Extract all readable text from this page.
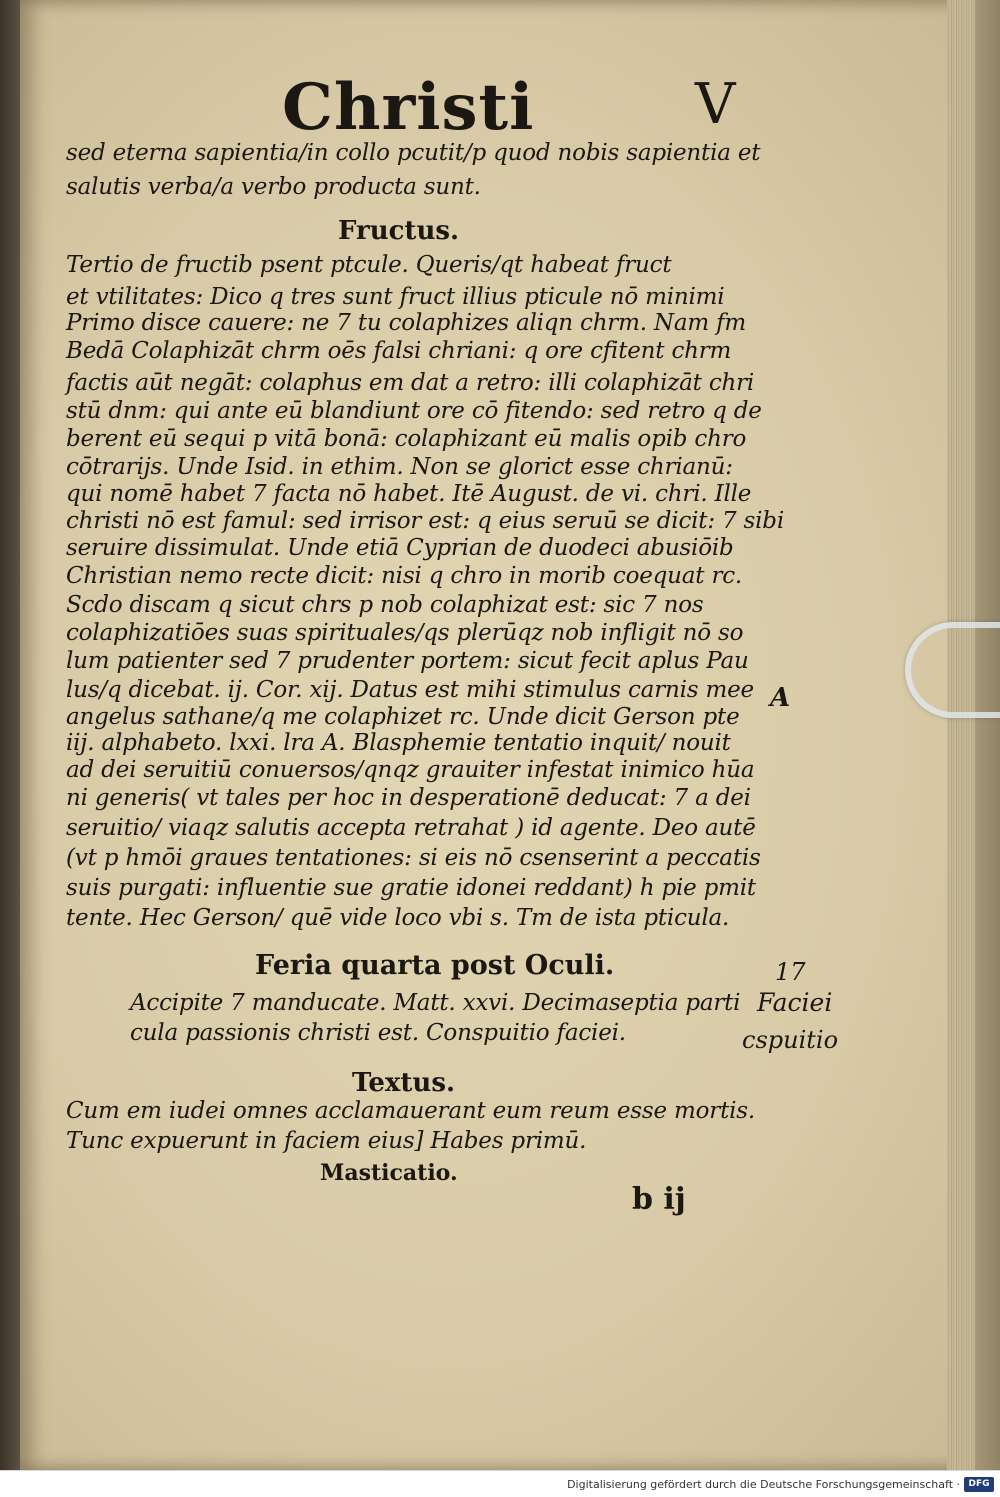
Christi	V
sed eterna sapientia/in collo pcutit/p quod nobis sapientia et
salutis verba/a verbo producta sunt.
Fructus.
Tertio de fructib psent ptcule. Queris/qt habeat fruct
et vtilitates: Dico q tres sunt fruct illius pticule nō minimi
Primo disce cauere: ne 7 tu colaphizes aliqn chrm. Nam fm
Bedā Colaphizāt chrm oēs falsi chriani: q ore cfitent chrm
factis aūt negāt: colaphus em dat a retro: illi colaphizāt chri
stū dnm: qui ante eū blandiunt ore cō fitendo: sed retro q de
berent eū sequi p vitā bonā: colaphizant eū malis opib chro
cōtrarijs. Unde Isid. in ethim. Non se glorict esse chrianū:
qui nomē habet 7 facta nō habet. Itē August. de vi. chri. Ille
christi nō est famul: sed irrisor est: q eius seruū se dicit: 7 sibi
seruire dissimulat. Unde etiā Cyprian de duodeci abusiōib
Christian nemo recte dicit: nisi q chro in morib coequat rc.
Scdo discam q sicut chrs p nob colaphizat est: sic 7 nos
colaphizatiōes suas spirituales/qs plerūqz nob infligit nō so
lum patienter sed 7 prudenter portem: sicut fecit aplus Pau
lus/q dicebat. ij. Cor. xij. Datus est mihi stimulus carnis mee
angelus sathane/q me colaphizet rc. Unde dicit Gerson pte
iij. alphabeto. lxxi. lra A. Blasphemie tentatio inquit/ nouit
ad dei seruitiū conuersos/qnqz grauiter infestat inimico hūa
ni generis( vt tales per hoc in desperationē deducat: 7 a dei
seruitio/ viaqz salutis accepta retrahat ) id agente. Deo autē
(vt p hmōi graues tentationes: si eis nō csenserint a peccatis
suis purgati: influentie sue gratie idonei reddant) h pie pmit
tente. Hec Gerson/ quē vide loco vbi s. Tm de ista pticula.
Feria quarta post Oculi.
Accipite 7 manducate. Matt. xxvi. Decimaseptia parti
cula passionis christi est. Conspuitio faciei.
Textus.
Cum em iudei omnes acclamauerant eum reum esse mortis.
Tunc expuerunt in faciem eius] Habes primū.
Masticatio.
A
17
Faciei
cspuitio
b ij
Digitalisierung gefördert durch die Deutsche Forschungsgemeinschaft · DFG
